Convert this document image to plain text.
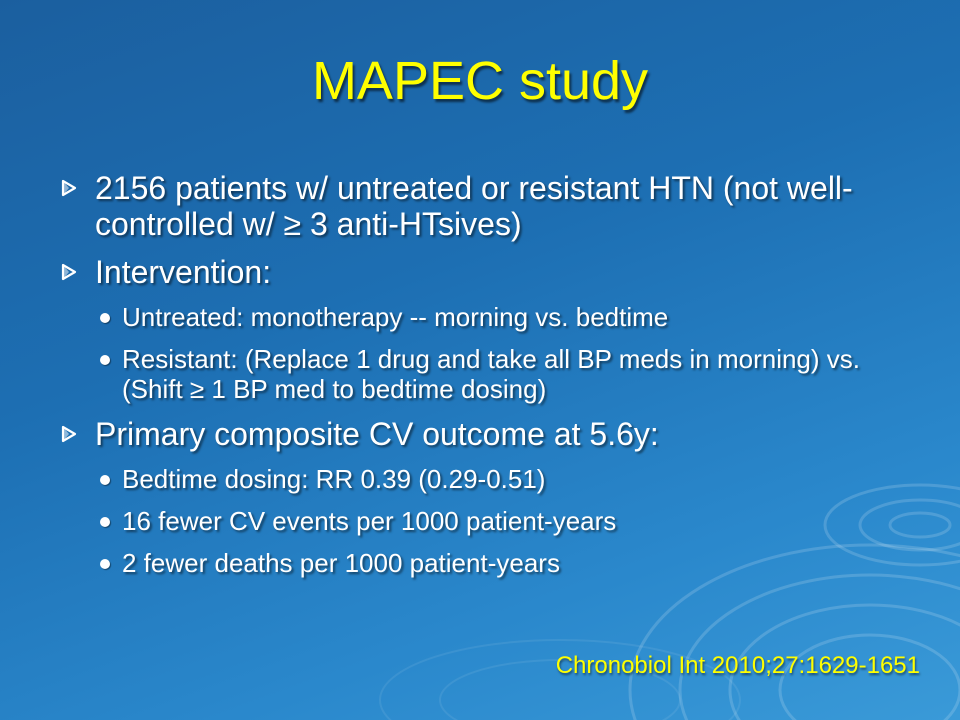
MAPEC study
2156 patients w/ untreated or resistant HTN (not well-controlled w/ ≥ 3 anti-HTsives)
Intervention:
Untreated: monotherapy -- morning vs. bedtime
Resistant: (Replace 1 drug and take all BP meds in morning) vs. (Shift ≥ 1 BP med to bedtime dosing)
Primary composite CV outcome at 5.6y:
Bedtime dosing: RR 0.39 (0.29-0.51)
16 fewer CV events per 1000 patient-years
2 fewer deaths per 1000 patient-years
Chronobiol Int 2010;27:1629-1651
